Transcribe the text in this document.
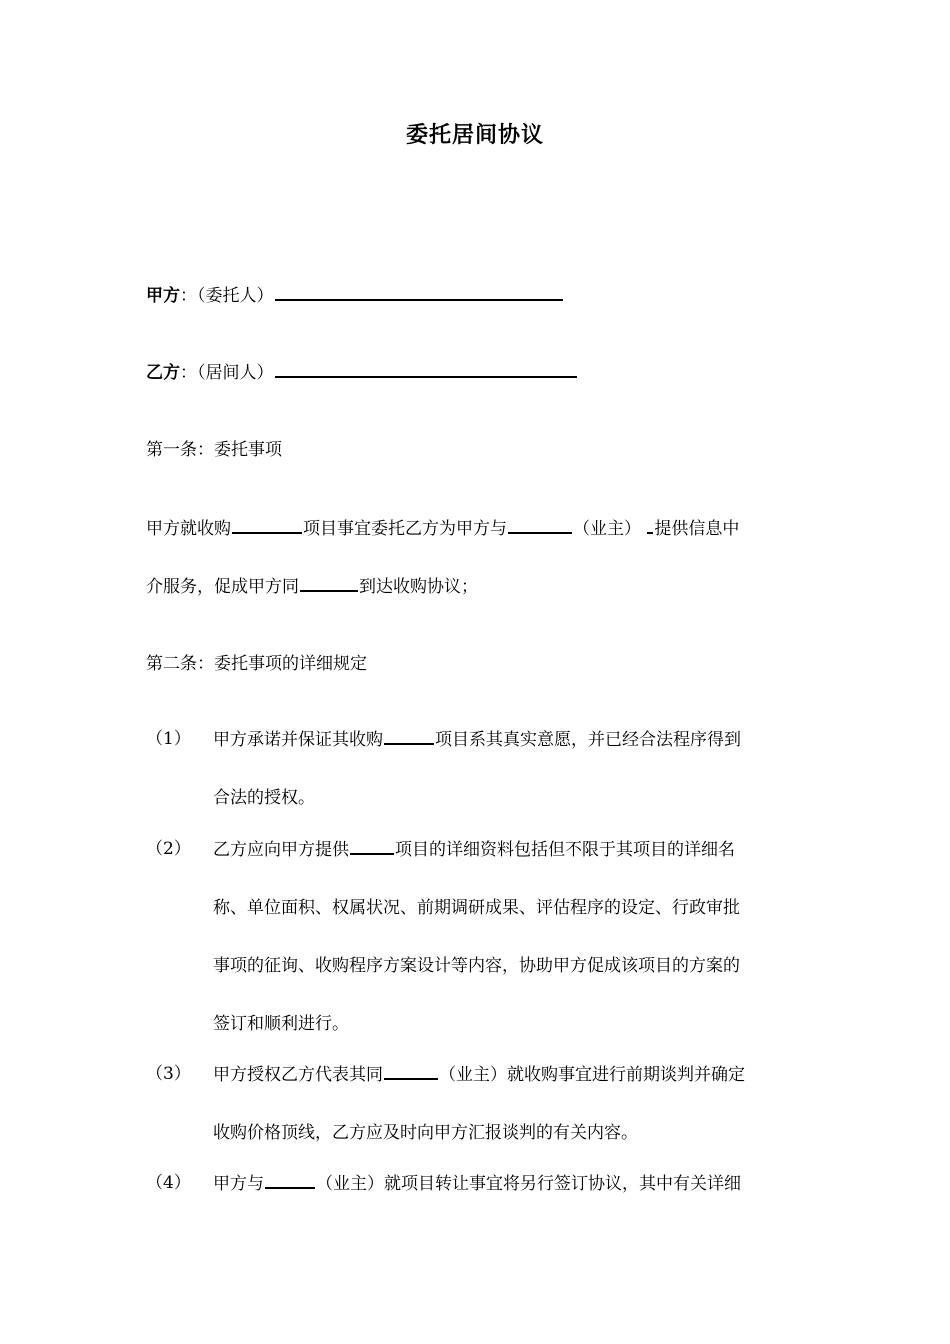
委托居间协议
甲方：（委托人）
乙方：（居间人）
第一条：委托事项
甲方就收购	项目事宜委托乙方为甲方与	（业主） 提供信息中
介服务，促成甲方同	到达收购协议；
第二条：委托事项的详细规定
（1） 甲方承诺并保证其收购	项目系其真实意愿，并已经合法程序得到
合法的授权。
（2） 乙方应向甲方提供	项目的详细资料包括但不限于其项目的详细名
称、单位面积、权属状况、前期调研成果、评估程序的设定、行政审批
事项的征询、收购程序方案设计等内容，协助甲方促成该项目的方案的
签订和顺利进行。
（3） 甲方授权乙方代表其同	（业主）就收购事宜进行前期谈判并确定
收购价格顶线，乙方应及时向甲方汇报谈判的有关内容。
（4） 甲方与	（业主）就项目转让事宜将另行签订协议，其中有关详细
